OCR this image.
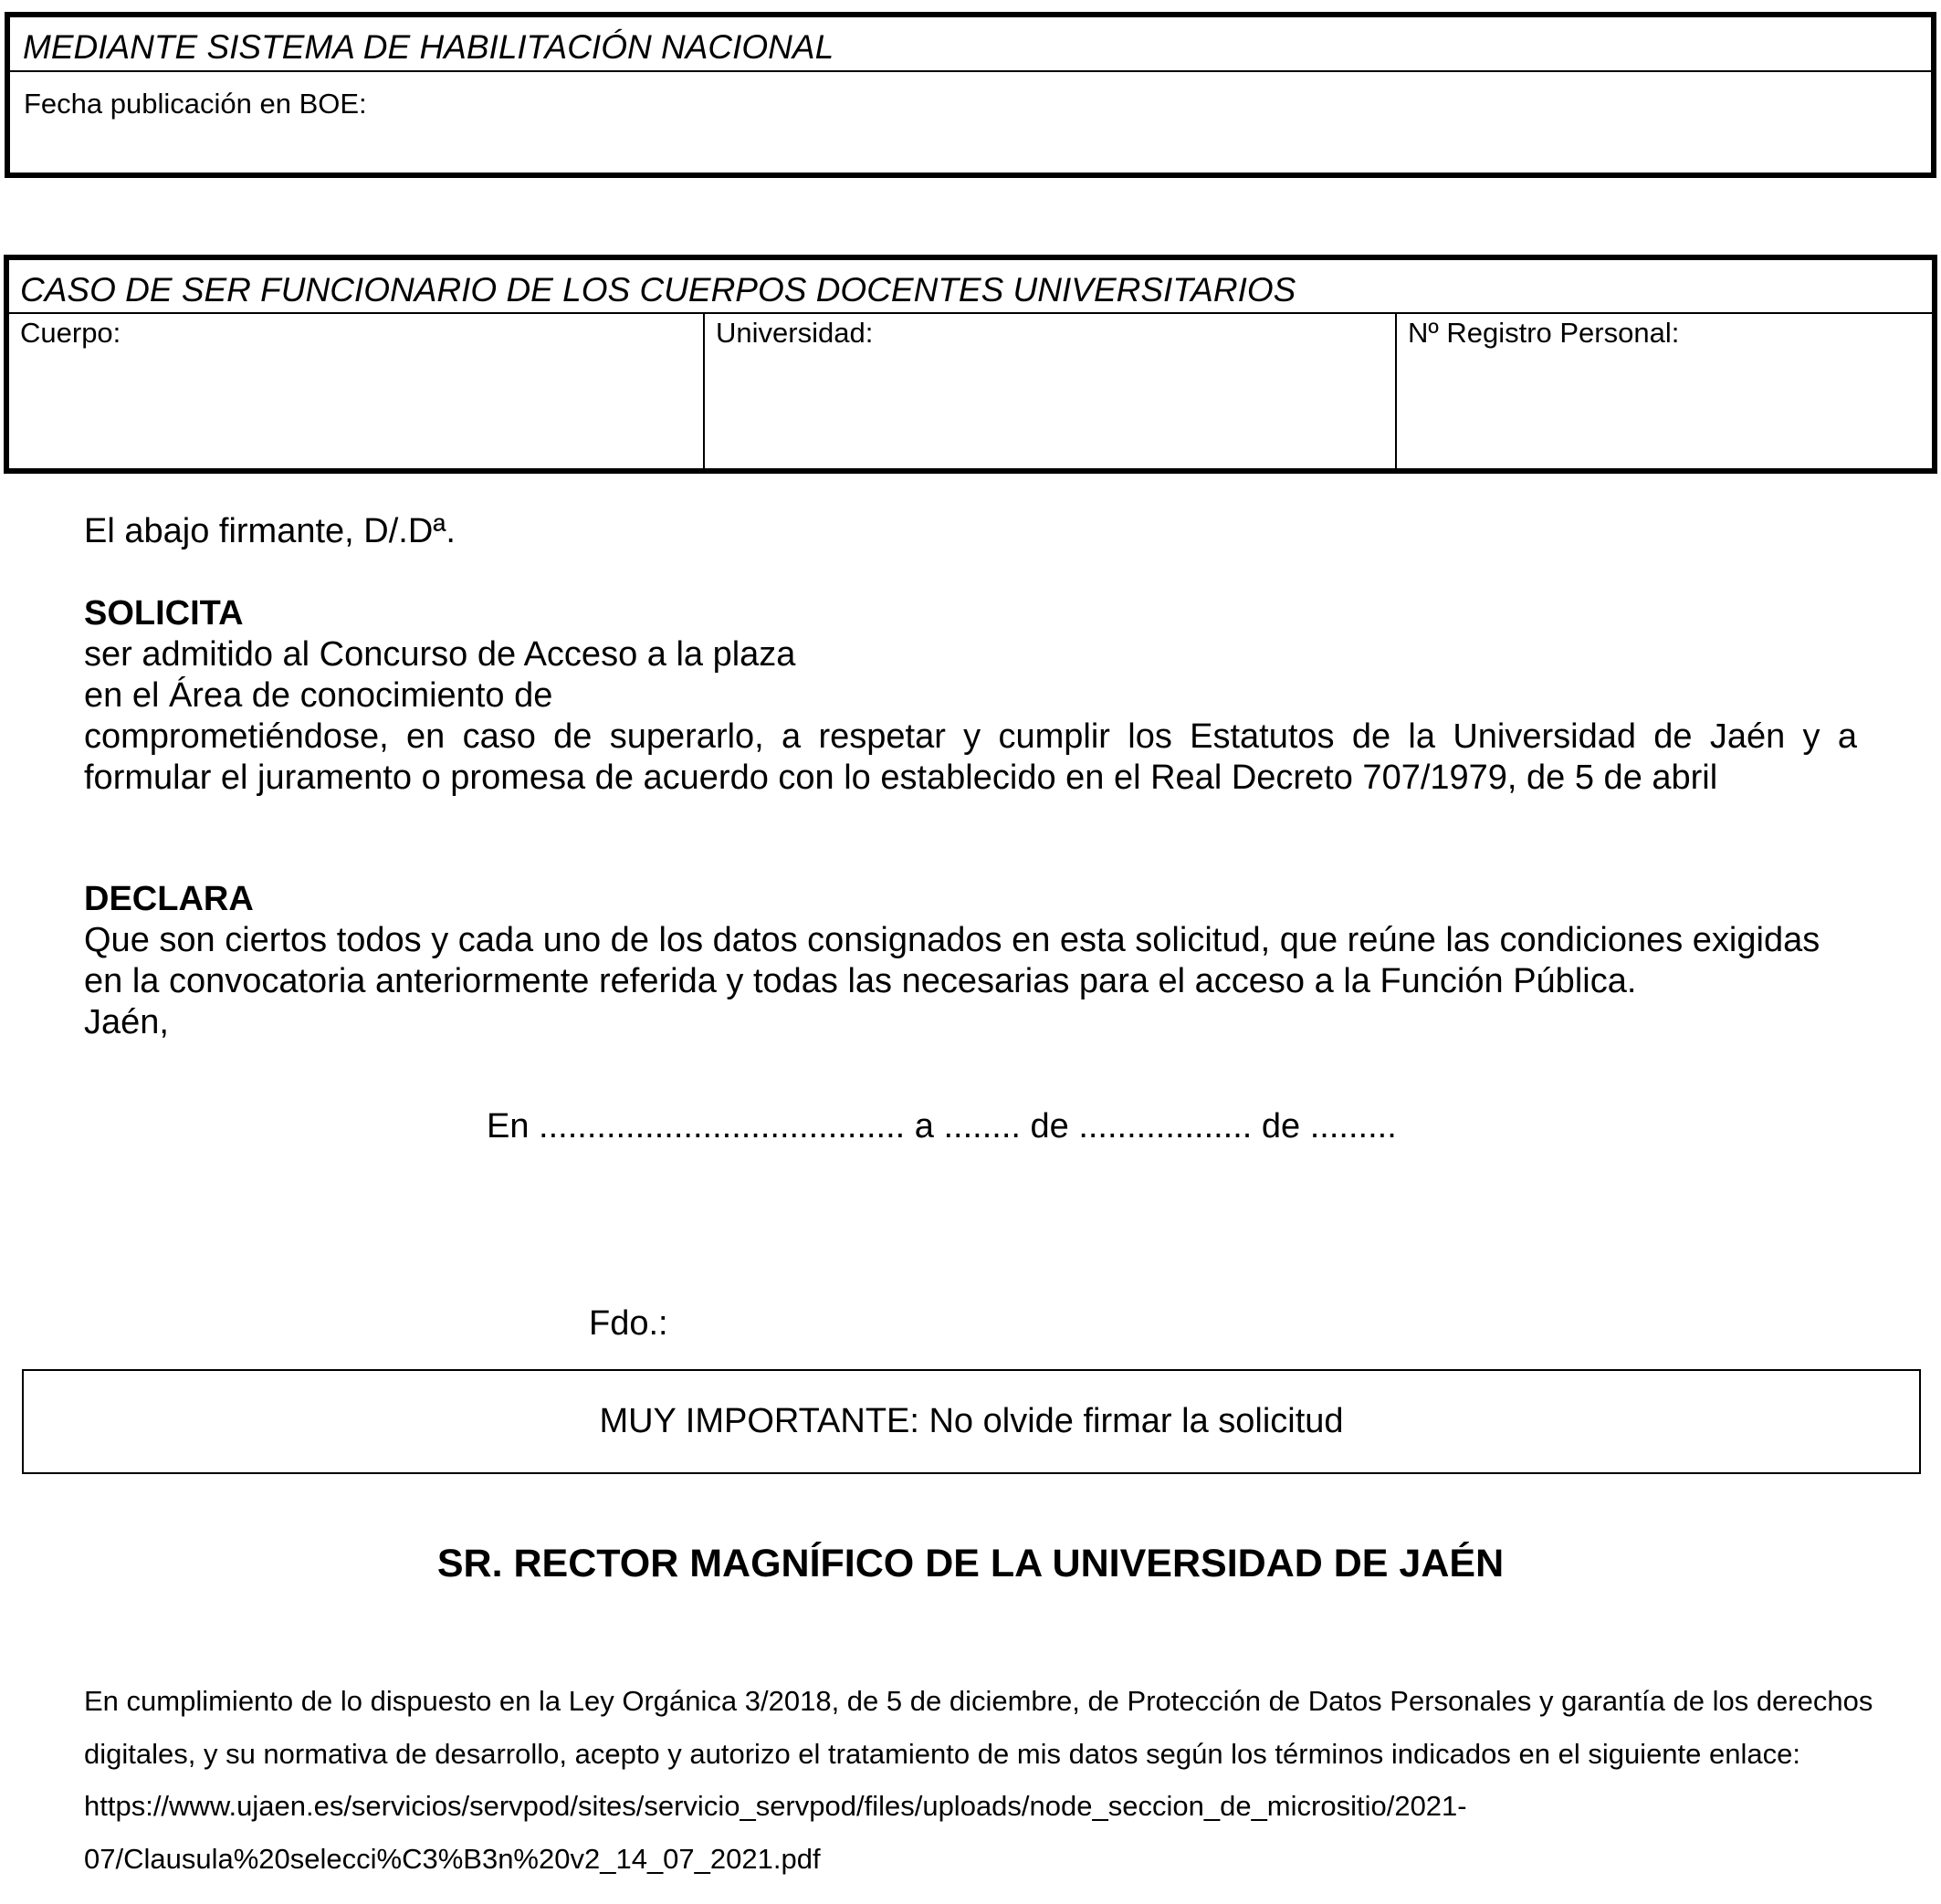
MEDIANTE SISTEMA DE HABILITACIÓN NACIONAL
Fecha publicación en BOE:
CASO DE SER FUNCIONARIO DE LOS CUERPOS DOCENTES UNIVERSITARIOS
Cuerpo:	Universidad:	Nº Registro Personal:
El abajo firmante, D/.Dª.
SOLICITA
ser admitido al Concurso de Acceso a la plaza
en el Área de conocimiento de
comprometiéndose, en caso de superarlo, a respetar y cumplir los Estatutos de la Universidad de Jaén y a formular el juramento o promesa de acuerdo con lo establecido en el Real Decreto 707/1979, de 5 de abril
DECLARA
Que son ciertos todos y cada uno de los datos consignados en esta solicitud, que reúne las condiciones exigidas en la convocatoria anteriormente referida y todas las necesarias para el acceso a la Función Pública.
Jaén,
En ...................................... a ........ de .................. de .........
Fdo.:
MUY IMPORTANTE: No olvide firmar la solicitud
SR. RECTOR MAGNÍFICO DE LA UNIVERSIDAD DE JAÉN
En cumplimiento de lo dispuesto en la Ley Orgánica 3/2018, de 5 de diciembre, de Protección de Datos Personales y garantía de los derechos
digitales, y su normativa de desarrollo, acepto y autorizo el tratamiento de mis datos según los términos indicados en el siguiente enlace:
https://www.ujaen.es/servicios/servpod/sites/servicio_servpod/files/uploads/node_seccion_de_micrositio/2021-
07/Clausula%20selecci%C3%B3n%20v2_14_07_2021.pdf
